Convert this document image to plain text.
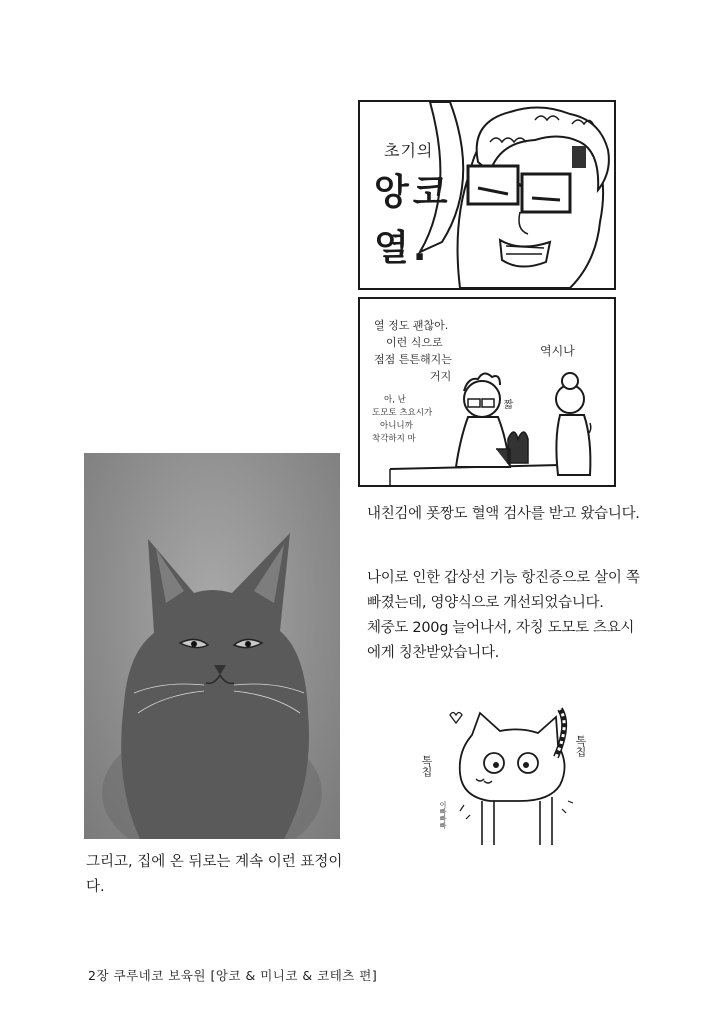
초기의
앙코
열.
열 정도 괜찮아.
이런 식으로
점점 튼튼해지는
거지
아, 난
도모토 츠요시가
아니니까
착각하지 마
역시나
짧
내친김에 폿짱도 혈액 검사를 받고 왔습니다.
나이로 인한 갑상선 기능 항진증으로 살이 쪽 빠졌는데, 영양식으로 개선되었습니다.
체중도 200g 늘어나서, 자칭 도모토 츠요시에게 칭찬받았습니다.
톡칩
톡칩
이빠빠빠
그리고, 집에 온 뒤로는 계속 이런 표정이다.
2장 쿠루네코 보육원 [앙코 & 미니코 & 코테츠 편]
